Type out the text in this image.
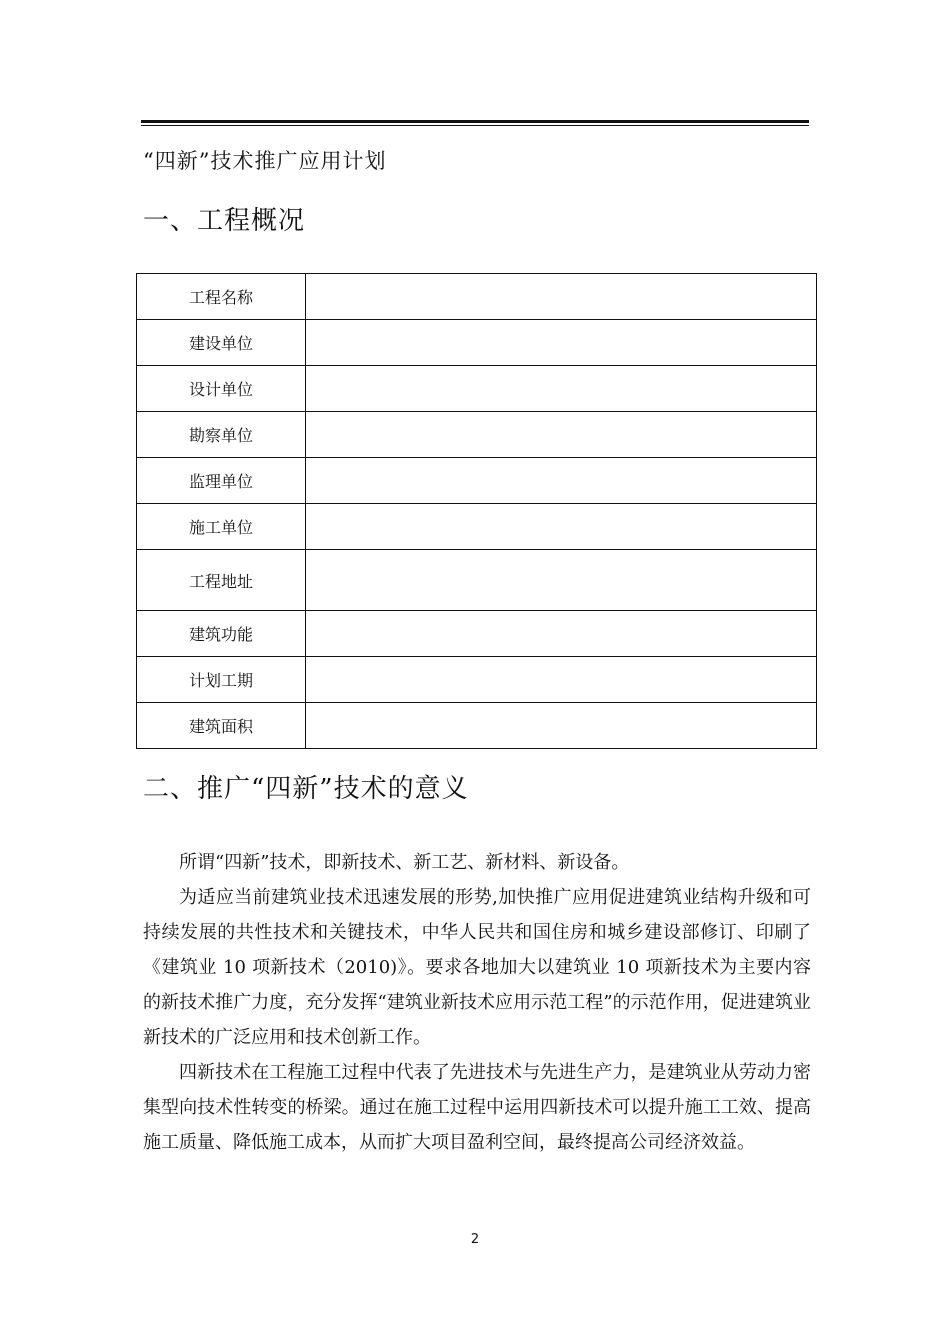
“四新”技术推广应用计划
一、工程概况
工程名称	
建设单位	
设计单位	
勘察单位	
监理单位	
施工单位	
工程地址	
建筑功能	
计划工期	
建筑面积	
二、推广“四新”技术的意义

所谓“四新”技术，即新技术、新工艺、新材料、新设备。

为适应当前建筑业技术迅速发展的形势,加快推广应用促进建筑业结构升级和可持续发展的共性技术和关键技术，中华人民共和国住房和城乡建设部修订、印刷了《建筑业 10 项新技术（2010)》。要求各地加大以建筑业 10 项新技术为主要内容的新技术推广力度，充分发挥“建筑业新技术应用示范工程”的示范作用，促进建筑业新技术的广泛应用和技术创新工作。

四新技术在工程施工过程中代表了先进技术与先进生产力，是建筑业从劳动力密集型向技术性转变的桥梁。通过在施工过程中运用四新技术可以提升施工工效、提高施工质量、降低施工成本，从而扩大项目盈利空间，最终提高公司经济效益。

2
